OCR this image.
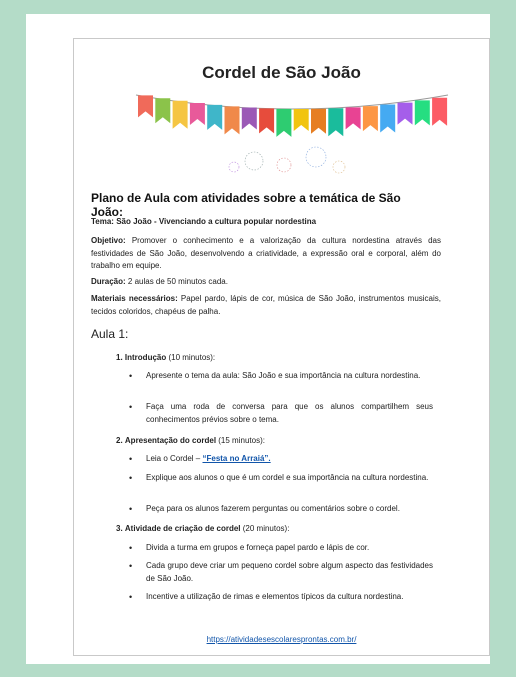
Cordel de São João
Plano de Aula com atividades sobre a temática de São João:
Tema: São João - Vivenciando a cultura popular nordestina
Objetivo: Promover o conhecimento e a valorização da cultura nordestina através das festividades de São João, desenvolvendo a criatividade, a expressão oral e corporal, além do trabalho em equipe.
Duração: 2 aulas de 50 minutos cada.
Materiais necessários: Papel pardo, lápis de cor, música de São João, instrumentos musicais, tecidos coloridos, chapéus de palha.
Aula 1:
1. Introdução (10 minutos):
• Apresente o tema da aula: São João e sua importância na cultura nordestina.
• Faça uma roda de conversa para que os alunos compartilhem seus conhecimentos prévios sobre o tema.
2. Apresentação do cordel (15 minutos):
• Leia o Cordel – “Festa no Arraiá”.
• Explique aos alunos o que é um cordel e sua importância na cultura nordestina.
• Peça para os alunos fazerem perguntas ou comentários sobre o cordel.
3. Atividade de criação de cordel (20 minutos):
• Divida a turma em grupos e forneça papel pardo e lápis de cor.
• Cada grupo deve criar um pequeno cordel sobre algum aspecto das festividades de São João.
• Incentive a utilização de rimas e elementos típicos da cultura nordestina.
https://atividadesescolaresprontas.com.br/
